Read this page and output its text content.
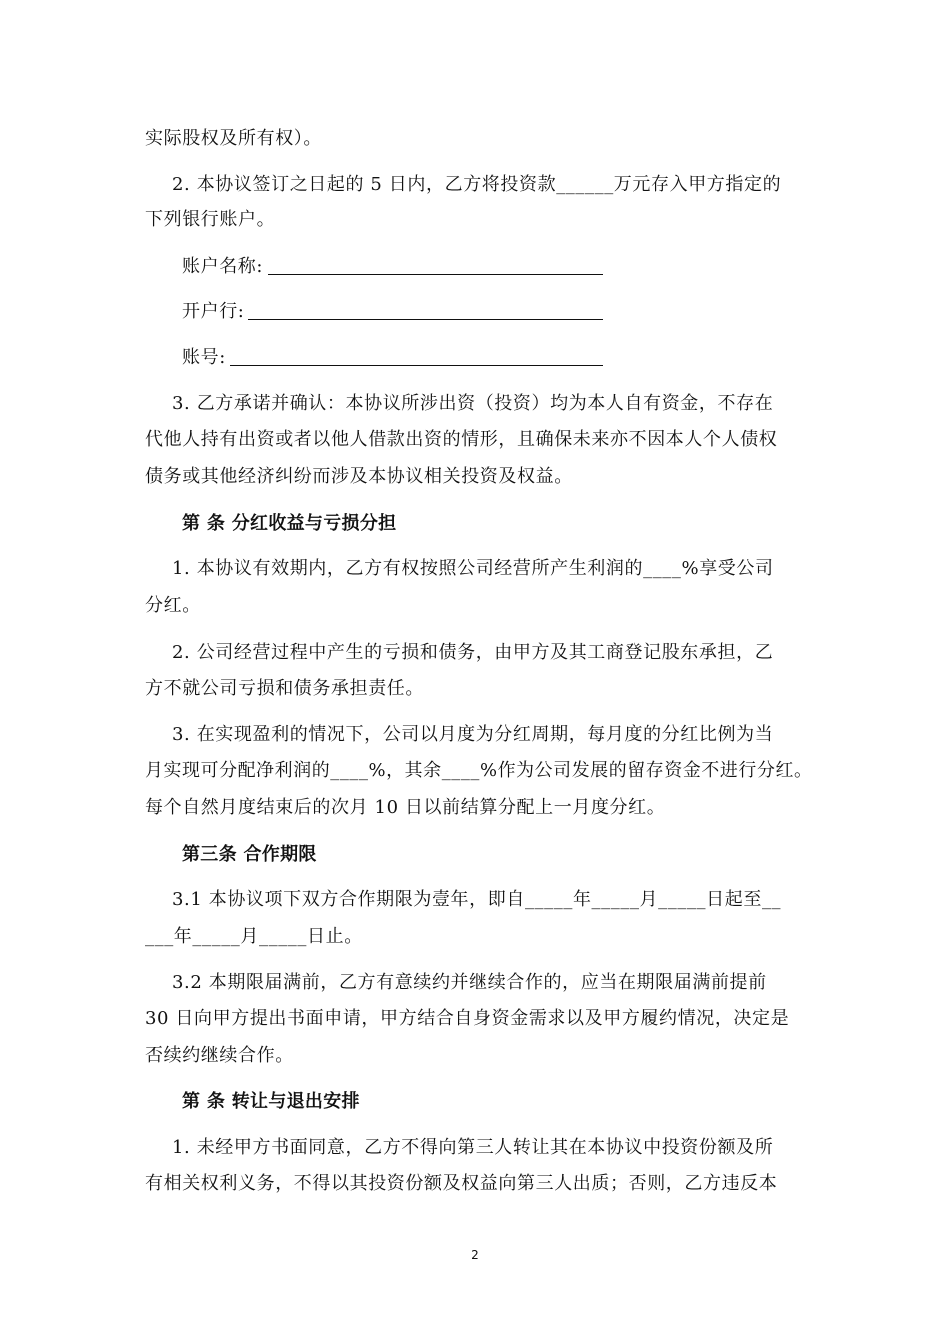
实际股权及所有权）。
2. 本协议签订之日起的 5 日内，乙方将投资款______万元存入甲方指定的
下列银行账户。
账户名称:
开户行:
账号:
3. 乙方承诺并确认：本协议所涉出资（投资）均为本人自有资金，不存在
代他人持有出资或者以他人借款出资的情形，且确保未来亦不因本人个人债权
债务或其他经济纠纷而涉及本协议相关投资及权益。
第 条 分红收益与亏损分担
1. 本协议有效期内，乙方有权按照公司经营所产生利润的____%享受公司
分红。
2. 公司经营过程中产生的亏损和债务，由甲方及其工商登记股东承担，乙
方不就公司亏损和债务承担责任。
3. 在实现盈利的情况下，公司以月度为分红周期，每月度的分红比例为当
月实现可分配净利润的____%，其余____%作为公司发展的留存资金不进行分红。
每个自然月度结束后的次月 10 日以前结算分配上一月度分红。
第三条 合作期限
3.1 本协议项下双方合作期限为壹年，即自_____年_____月_____日起至__
___年_____月_____日止。
3.2 本期限届满前，乙方有意续约并继续合作的，应当在期限届满前提前
30 日向甲方提出书面申请，甲方结合自身资金需求以及甲方履约情况，决定是
否续约继续合作。
第 条 转让与退出安排
1. 未经甲方书面同意，乙方不得向第三人转让其在本协议中投资份额及所
有相关权利义务，不得以其投资份额及权益向第三人出质；否则，乙方违反本
2
